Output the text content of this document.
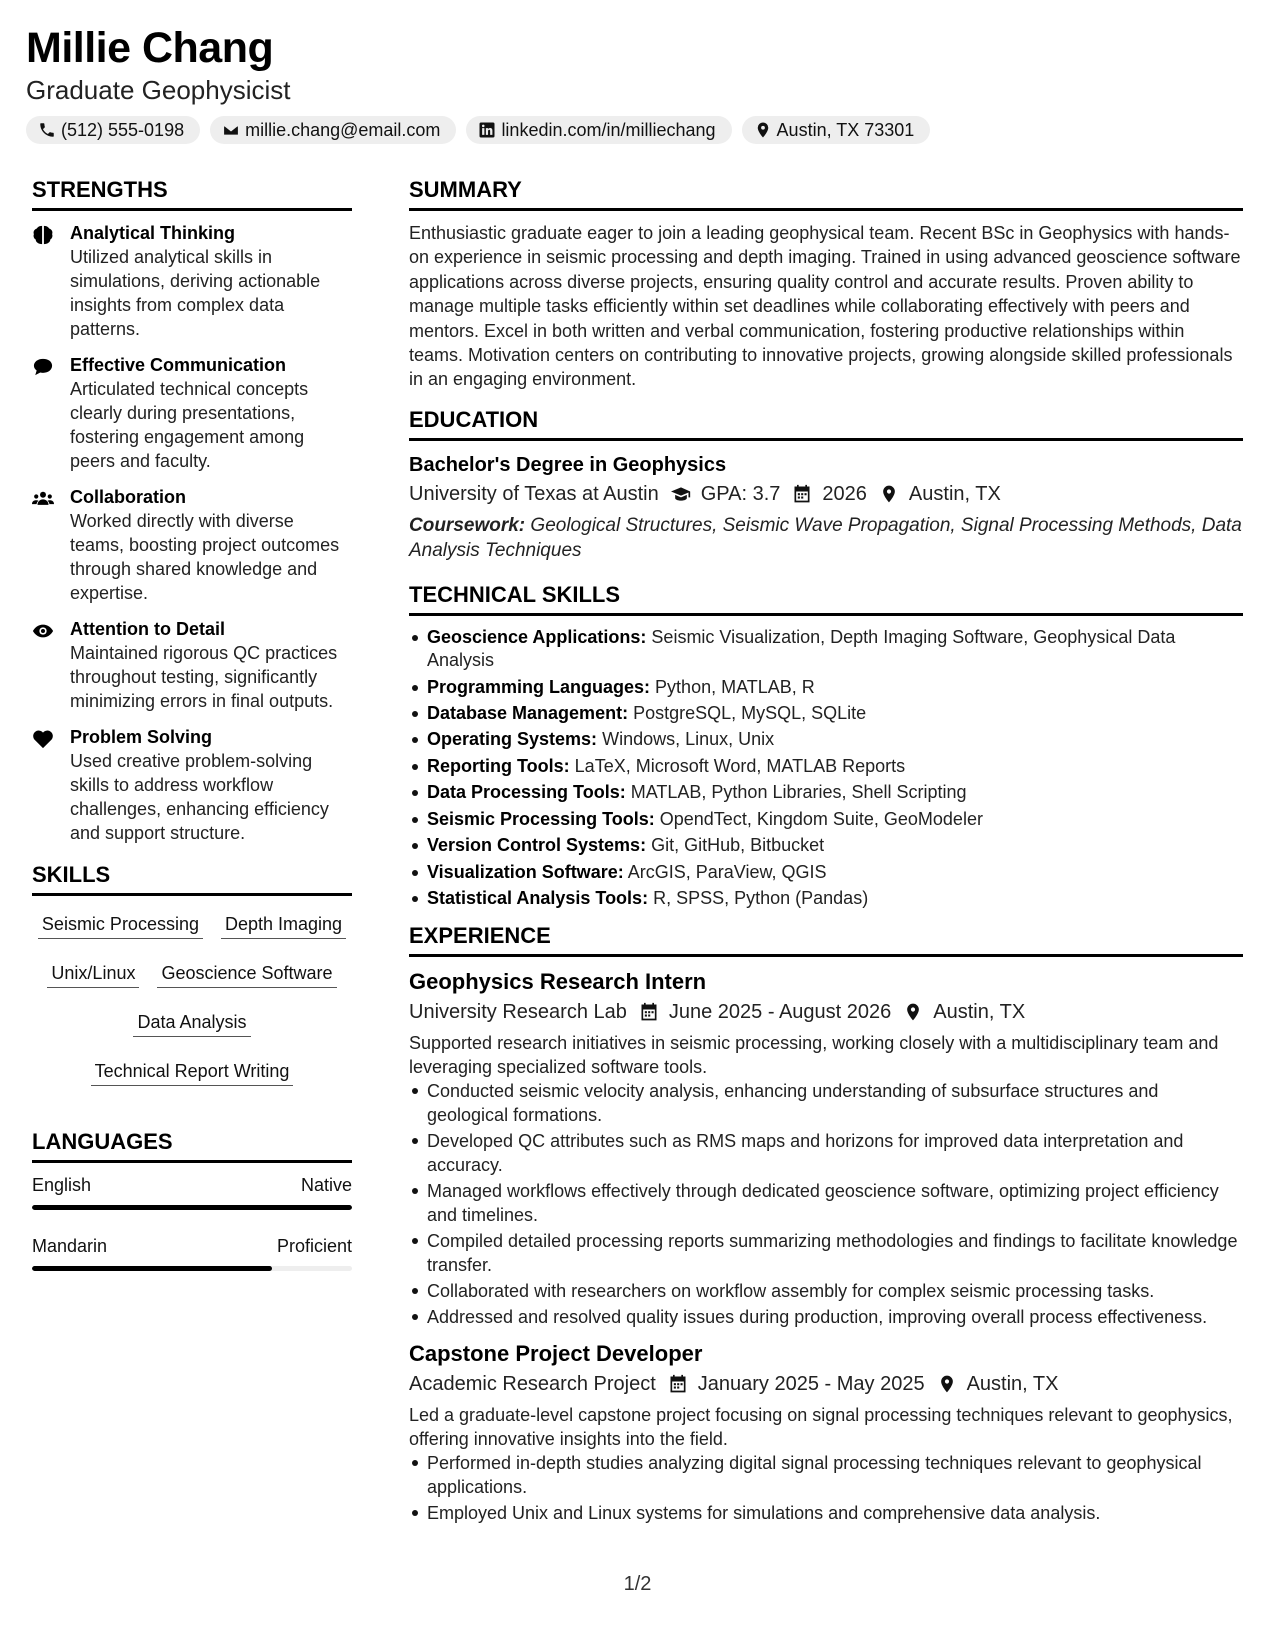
Millie Chang
Graduate Geophysicist
(512) 555-0198	millie.chang@email.com	linkedin.com/in/milliechang	Austin, TX 73301
STRENGTHS
Analytical Thinking
Utilized analytical skills in simulations, deriving actionable insights from complex data patterns.
Effective Communication
Articulated technical concepts clearly during presentations, fostering engagement among peers and faculty.
Collaboration
Worked directly with diverse teams, boosting project outcomes through shared knowledge and expertise.
Attention to Detail
Maintained rigorous QC practices throughout testing, significantly minimizing errors in final outputs.
Problem Solving
Used creative problem-solving skills to address workflow challenges, enhancing efficiency and support structure.
SKILLS
Seismic Processing Depth Imaging
Unix/Linux Geoscience Software
Data Analysis
Technical Report Writing
LANGUAGES
English	Native
Mandarin	Proficient
SUMMARY
Enthusiastic graduate eager to join a leading geophysical team. Recent BSc in Geophysics with hands-on experience in seismic processing and depth imaging. Trained in using advanced geoscience software applications across diverse projects, ensuring quality control and accurate results. Proven ability to manage multiple tasks efficiently within set deadlines while collaborating effectively with peers and mentors. Excel in both written and verbal communication, fostering productive relationships within teams. Motivation centers on contributing to innovative projects, growing alongside skilled professionals in an engaging environment.
EDUCATION
Bachelor's Degree in Geophysics
University of Texas at Austin GPA: 3.7 2026 Austin, TX
Coursework: Geological Structures, Seismic Wave Propagation, Signal Processing Methods, Data Analysis Techniques
TECHNICAL SKILLS
Geoscience Applications: Seismic Visualization, Depth Imaging Software, Geophysical Data Analysis
Programming Languages: Python, MATLAB, R
Database Management: PostgreSQL, MySQL, SQLite
Operating Systems: Windows, Linux, Unix
Reporting Tools: LaTeX, Microsoft Word, MATLAB Reports
Data Processing Tools: MATLAB, Python Libraries, Shell Scripting
Seismic Processing Tools: OpendTect, Kingdom Suite, GeoModeler
Version Control Systems: Git, GitHub, Bitbucket
Visualization Software: ArcGIS, ParaView, QGIS
Statistical Analysis Tools: R, SPSS, Python (Pandas)
EXPERIENCE
Geophysics Research Intern
University Research Lab June 2025 - August 2026 Austin, TX
Supported research initiatives in seismic processing, working closely with a multidisciplinary team and leveraging specialized software tools.
Conducted seismic velocity analysis, enhancing understanding of subsurface structures and geological formations.
Developed QC attributes such as RMS maps and horizons for improved data interpretation and accuracy.
Managed workflows effectively through dedicated geoscience software, optimizing project efficiency and timelines.
Compiled detailed processing reports summarizing methodologies and findings to facilitate knowledge transfer.
Collaborated with researchers on workflow assembly for complex seismic processing tasks.
Addressed and resolved quality issues during production, improving overall process effectiveness.
Capstone Project Developer
Academic Research Project January 2025 - May 2025 Austin, TX
Led a graduate-level capstone project focusing on signal processing techniques relevant to geophysics, offering innovative insights into the field.
Performed in-depth studies analyzing digital signal processing techniques relevant to geophysical applications.
Employed Unix and Linux systems for simulations and comprehensive data analysis.
1/2
